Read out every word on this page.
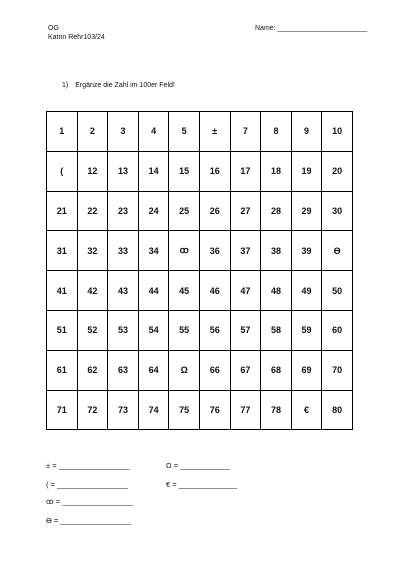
OG
Katrin Rehr103/24
Name: _______________________
1) Ergänze die Zahl im 100er Feld!
1	2	3	4	5	±	7	8	9	10
(	12	13	14	15	16	17	18	19	20
21	22	23	24	25	26	27	28	29	30
31	32	33	34	ꝏ	36	37	38	39	ϴ
41	42	43	44	45	46	47	48	49	50
51	52	53	54	55	56	57	58	59	60
61	62	63	64	Ω	66	67	68	69	70
71	72	73	74	75	76	77	78	€	80
± = _________________
( = _________________
ꝏ = _________________
ϴ = _________________
Ω = ____________
€ = ______________
